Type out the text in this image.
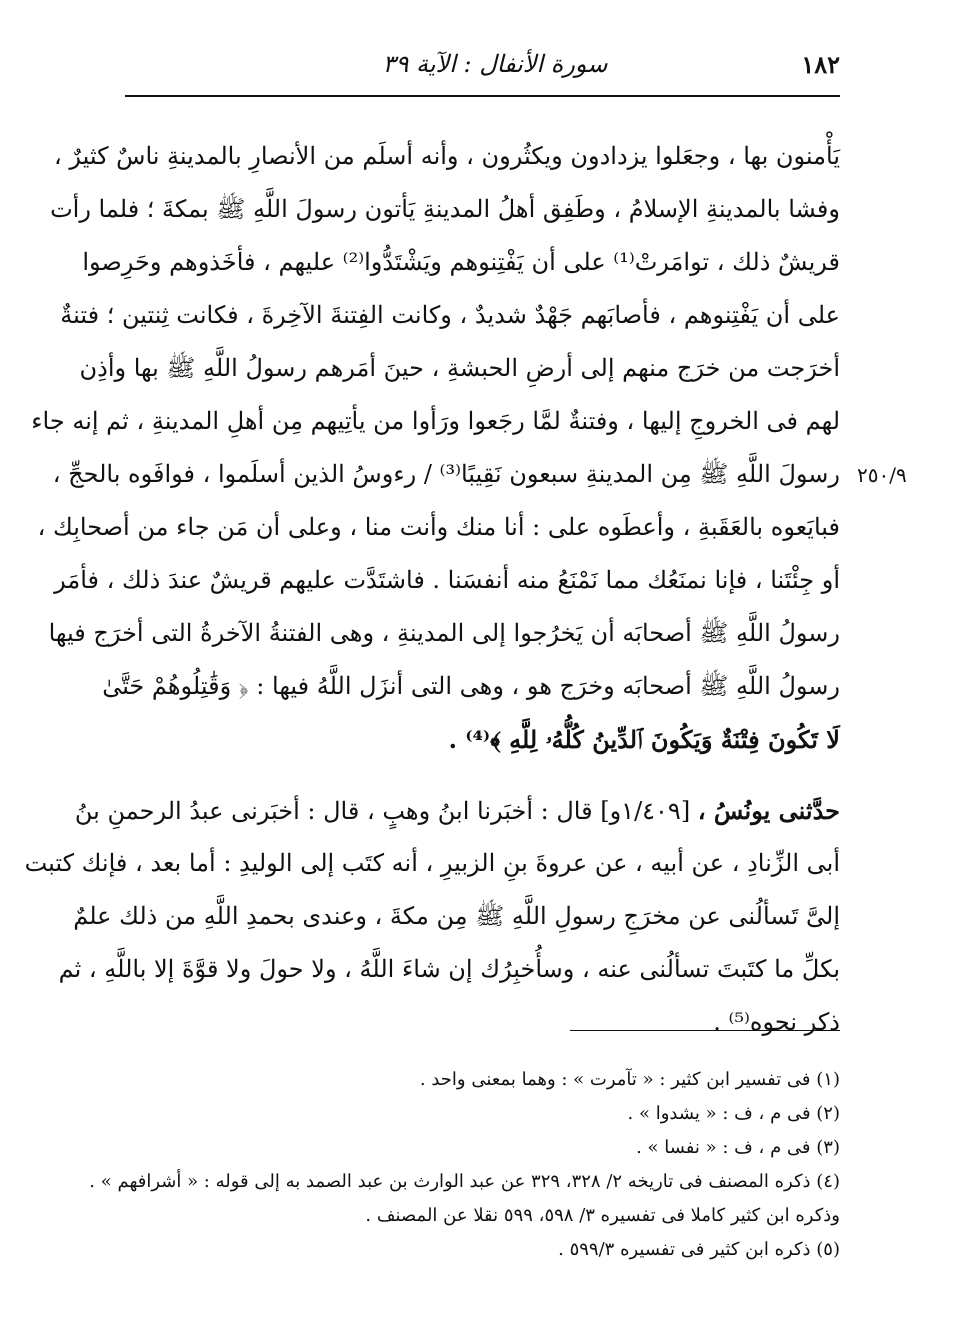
١٨٢
سورة الأنفال : الآية ٣٩
٢٥٠/٩
يَأْمنون بها ، وجعَلوا يزدادون ويكثُرون ، وأنه أسلَم من الأنصارِ بالمدينةِ ناسٌ كثيرٌ ،
وفشا بالمدينةِ الإسلامُ ، وطَفِق أهلُ المدينةِ يَأتون رسولَ اللَّهِ ﷺ بمكةَ ؛ فلما رأت
قريشٌ ذلك ، توامَرتْ⁽¹⁾ على أن يَفْتِنوهم ويَشْتَدُّوا⁽²⁾ عليهم ، فأخَذوهم وحَرِصوا
على أن يَفْتِنوهم ، فأصابَهم جَهْدٌ شديدٌ ، وكانت الفِتنةَ الآخِرةَ ، فكانت ثِنتين ؛ فتنةٌ
أخرَجت من خرَج منهم إلى أرضِ الحبشةِ ، حينَ أمَرهم رسولُ اللَّهِ ﷺ بها وأذِن
لهم فى الخروجِ إليها ، وفتنةٌ لمَّا رجَعوا ورَأوا من يأتِيهم مِن أهلِ المدينةِ ، ثم إنه جاء
رسولَ اللَّهِ ﷺ مِن المدينةِ سبعون نَقِيبًا⁽³⁾ / رءوسُ الذين أسلَموا ، فوافَوه بالحجِّ ،
فبايَعوه بالعَقَبةِ ، وأعطَوه على : أنا منك وأنت منا ، وعلى أن مَن جاء من أصحابِك ،
أو جِئْتَنا ، فإنا نمنَعُك مما نَمْنَعُ منه أنفسَنا . فاشتَدَّت عليهم قريشٌ عندَ ذلك ، فأمَر
رسولُ اللَّهِ ﷺ أصحابَه أن يَخرُجوا إلى المدينةِ ، وهى الفتنةُ الآخرةُ التى أخرَج فيها
رسولُ اللَّهِ ﷺ أصحابَه وخرَج هو ، وهى التى أنزَل اللَّهُ فيها : ﴿ وَقَٰتِلُوهُمْ حَتَّىٰ
لَا تَكُونَ فِتْنَةٌ وَيَكُونَ ٱلدِّينُ كُلُّهُۥ لِلَّهِ ﴾⁽⁴⁾ .
حدَّثنى يونُسُ ، [١/٤٠٩و] قال : أخبَرنا ابنُ وهبٍ ، قال : أخبَرنى عبدُ الرحمنِ بنُ
أبى الزِّنادِ ، عن أبيه ، عن عروةَ بنِ الزبيرِ ، أنه كتَب إلى الوليدِ : أما بعد ، فإنك كتبت
إلىَّ تَسألُنى عن مخرَجِ رسولِ اللَّهِ ﷺ مِن مكةَ ، وعندى بحمدِ اللَّهِ من ذلك علمٌ
بكلِّ ما كتَبتَ تسألُنى عنه ، وسأُخبِرُك إن شاءَ اللَّهُ ، ولا حولَ ولا قوَّةَ إلا باللَّهِ ، ثم
ذكر نحوه⁽⁵⁾ .
(١) فى تفسير ابن كثير : « تآمرت » : وهما بمعنى واحد .
(٢) فى م ، ف : « يشدوا » .
(٣) فى م ، ف : « نفسا » .
(٤) ذكره المصنف فى تاريخه ٢/ ٣٢٨، ٣٢٩ عن عبد الوارث بن عبد الصمد به إلى قوله : « أشرافهم » .
وذكره ابن كثير كاملا فى تفسيره ٣/ ٥٩٨، ٥٩٩ نقلا عن المصنف .
(٥) ذكره ابن كثير فى تفسيره ٥٩٩/٣ .
